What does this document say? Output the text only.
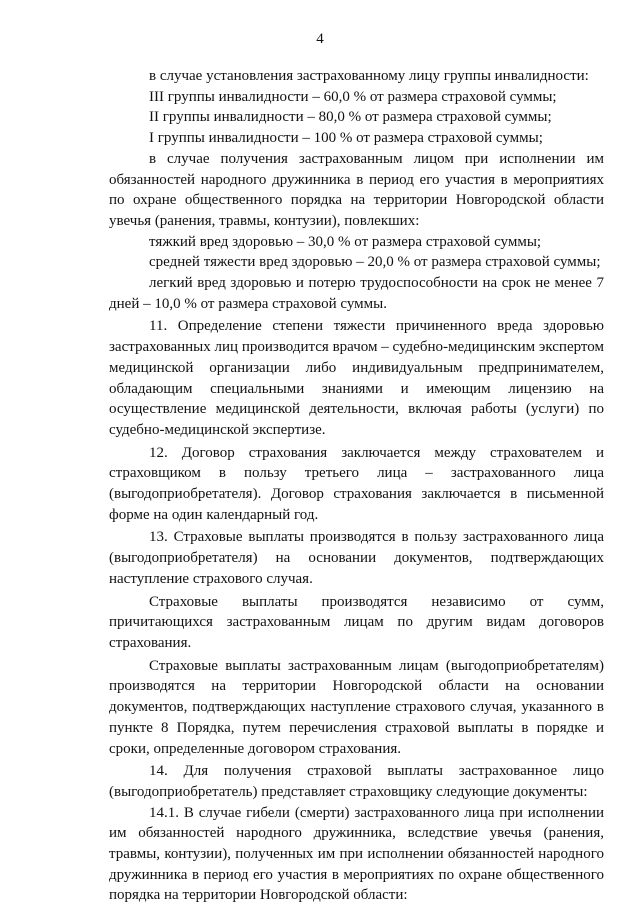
4

в случае установления застрахованному лицу группы инвалидности:

III группы инвалидности – 60,0 % от размера страховой суммы;

II группы инвалидности – 80,0 % от размера страховой суммы;

I группы инвалидности – 100 % от размера страховой суммы;

в случае получения застрахованным лицом при исполнении им обязанностей народного дружинника в период его участия в мероприятиях по охране общественного порядка на территории Новгородской области увечья (ранения, травмы, контузии), повлекших:

тяжкий вред здоровью – 30,0 % от размера страховой суммы;

средней тяжести вред здоровью – 20,0 % от размера страховой суммы;

легкий вред здоровью и потерю трудоспособности на срок не менее 7 дней – 10,0 % от размера страховой суммы.

11. Определение степени тяжести причиненного вреда здоровью застрахованных лиц производится врачом – судебно-медицинским экспертом медицинской организации либо индивидуальным предпринимателем, обладающим специальными знаниями и имеющим лицензию на осуществление медицинской деятельности, включая работы (услуги) по судебно-медицинской экспертизе.

12. Договор страхования заключается между страхователем и страховщиком в пользу третьего лица – застрахованного лица (выгодоприобретателя). Договор страхования заключается в письменной форме на один календарный год.

13. Страховые выплаты производятся в пользу застрахованного лица (выгодоприобретателя) на основании документов, подтверждающих наступление страхового случая.

Страховые выплаты производятся независимо от сумм, причитающихся застрахованным лицам по другим видам договоров страхования.

Страховые выплаты застрахованным лицам (выгодоприобретателям) производятся на территории Новгородской области на основании документов, подтверждающих наступление страхового случая, указанного в пункте 8 Порядка, путем перечисления страховой выплаты в порядке и сроки, определенные договором страхования.

14. Для получения страховой выплаты застрахованное лицо (выгодоприобретатель) представляет страховщику следующие документы:

14.1. В случае гибели (смерти) застрахованного лица при исполнении им обязанностей народного дружинника, вследствие увечья (ранения, травмы, контузии), полученных им при исполнении обязанностей народного дружинника в период его участия в мероприятиях по охране общественного порядка на территории Новгородской области:
